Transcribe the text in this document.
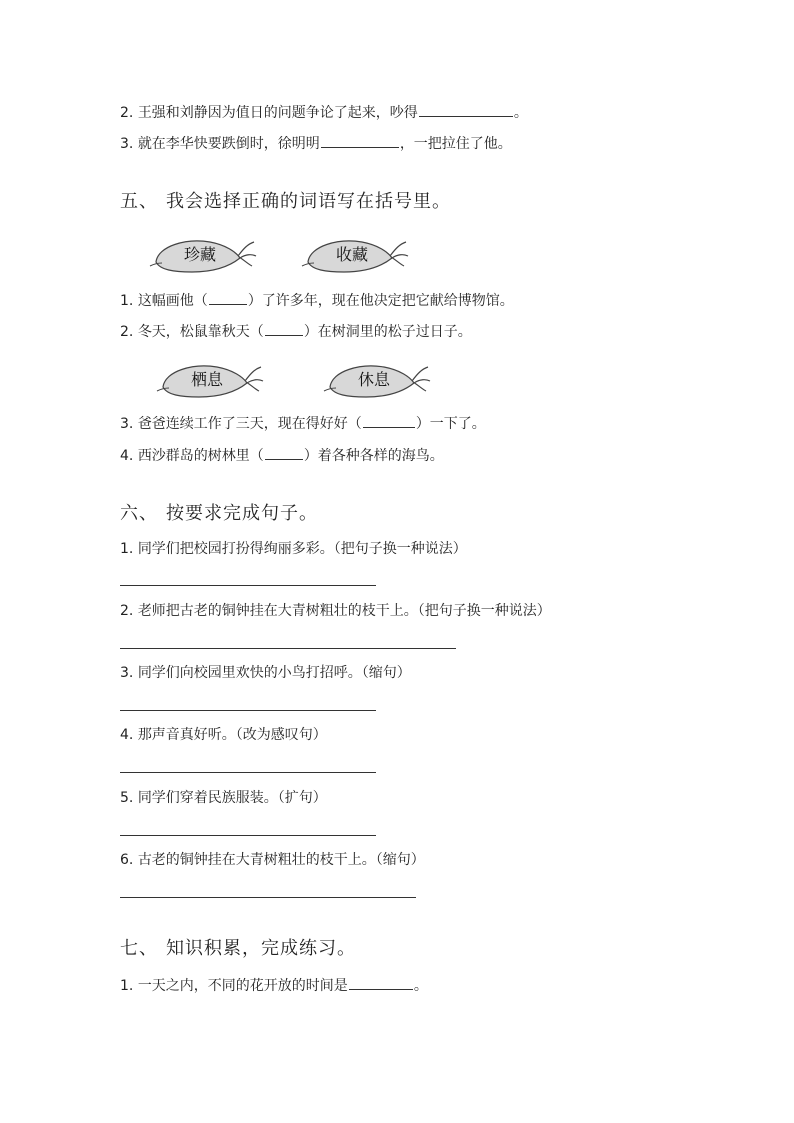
2. 王强和刘静因为值日的问题争论了起来，吵得	。
3. 就在李华快要跌倒时，徐明明	，一把拉住了他。
五、 我会选择正确的词语写在括号里。
珍藏	收藏
1. 这幅画他（	）了许多年，现在他决定把它献给博物馆。
2. 冬天，松鼠靠秋天（	）在树洞里的松子过日子。
栖息	休息
3. 爸爸连续工作了三天，现在得好好（	）一下了。
4. 西沙群岛的树林里（	）着各种各样的海鸟。
六、 按要求完成句子。
1. 同学们把校园打扮得绚丽多彩。（把句子换一种说法）
2. 老师把古老的铜钟挂在大青树粗壮的枝干上。（把句子换一种说法）
3. 同学们向校园里欢快的小鸟打招呼。（缩句）
4. 那声音真好听。（改为感叹句）
5. 同学们穿着民族服装。（扩句）
6. 古老的铜钟挂在大青树粗壮的枝干上。（缩句）
七、 知识积累，完成练习。
1. 一天之内，不同的花开放的时间是	。
